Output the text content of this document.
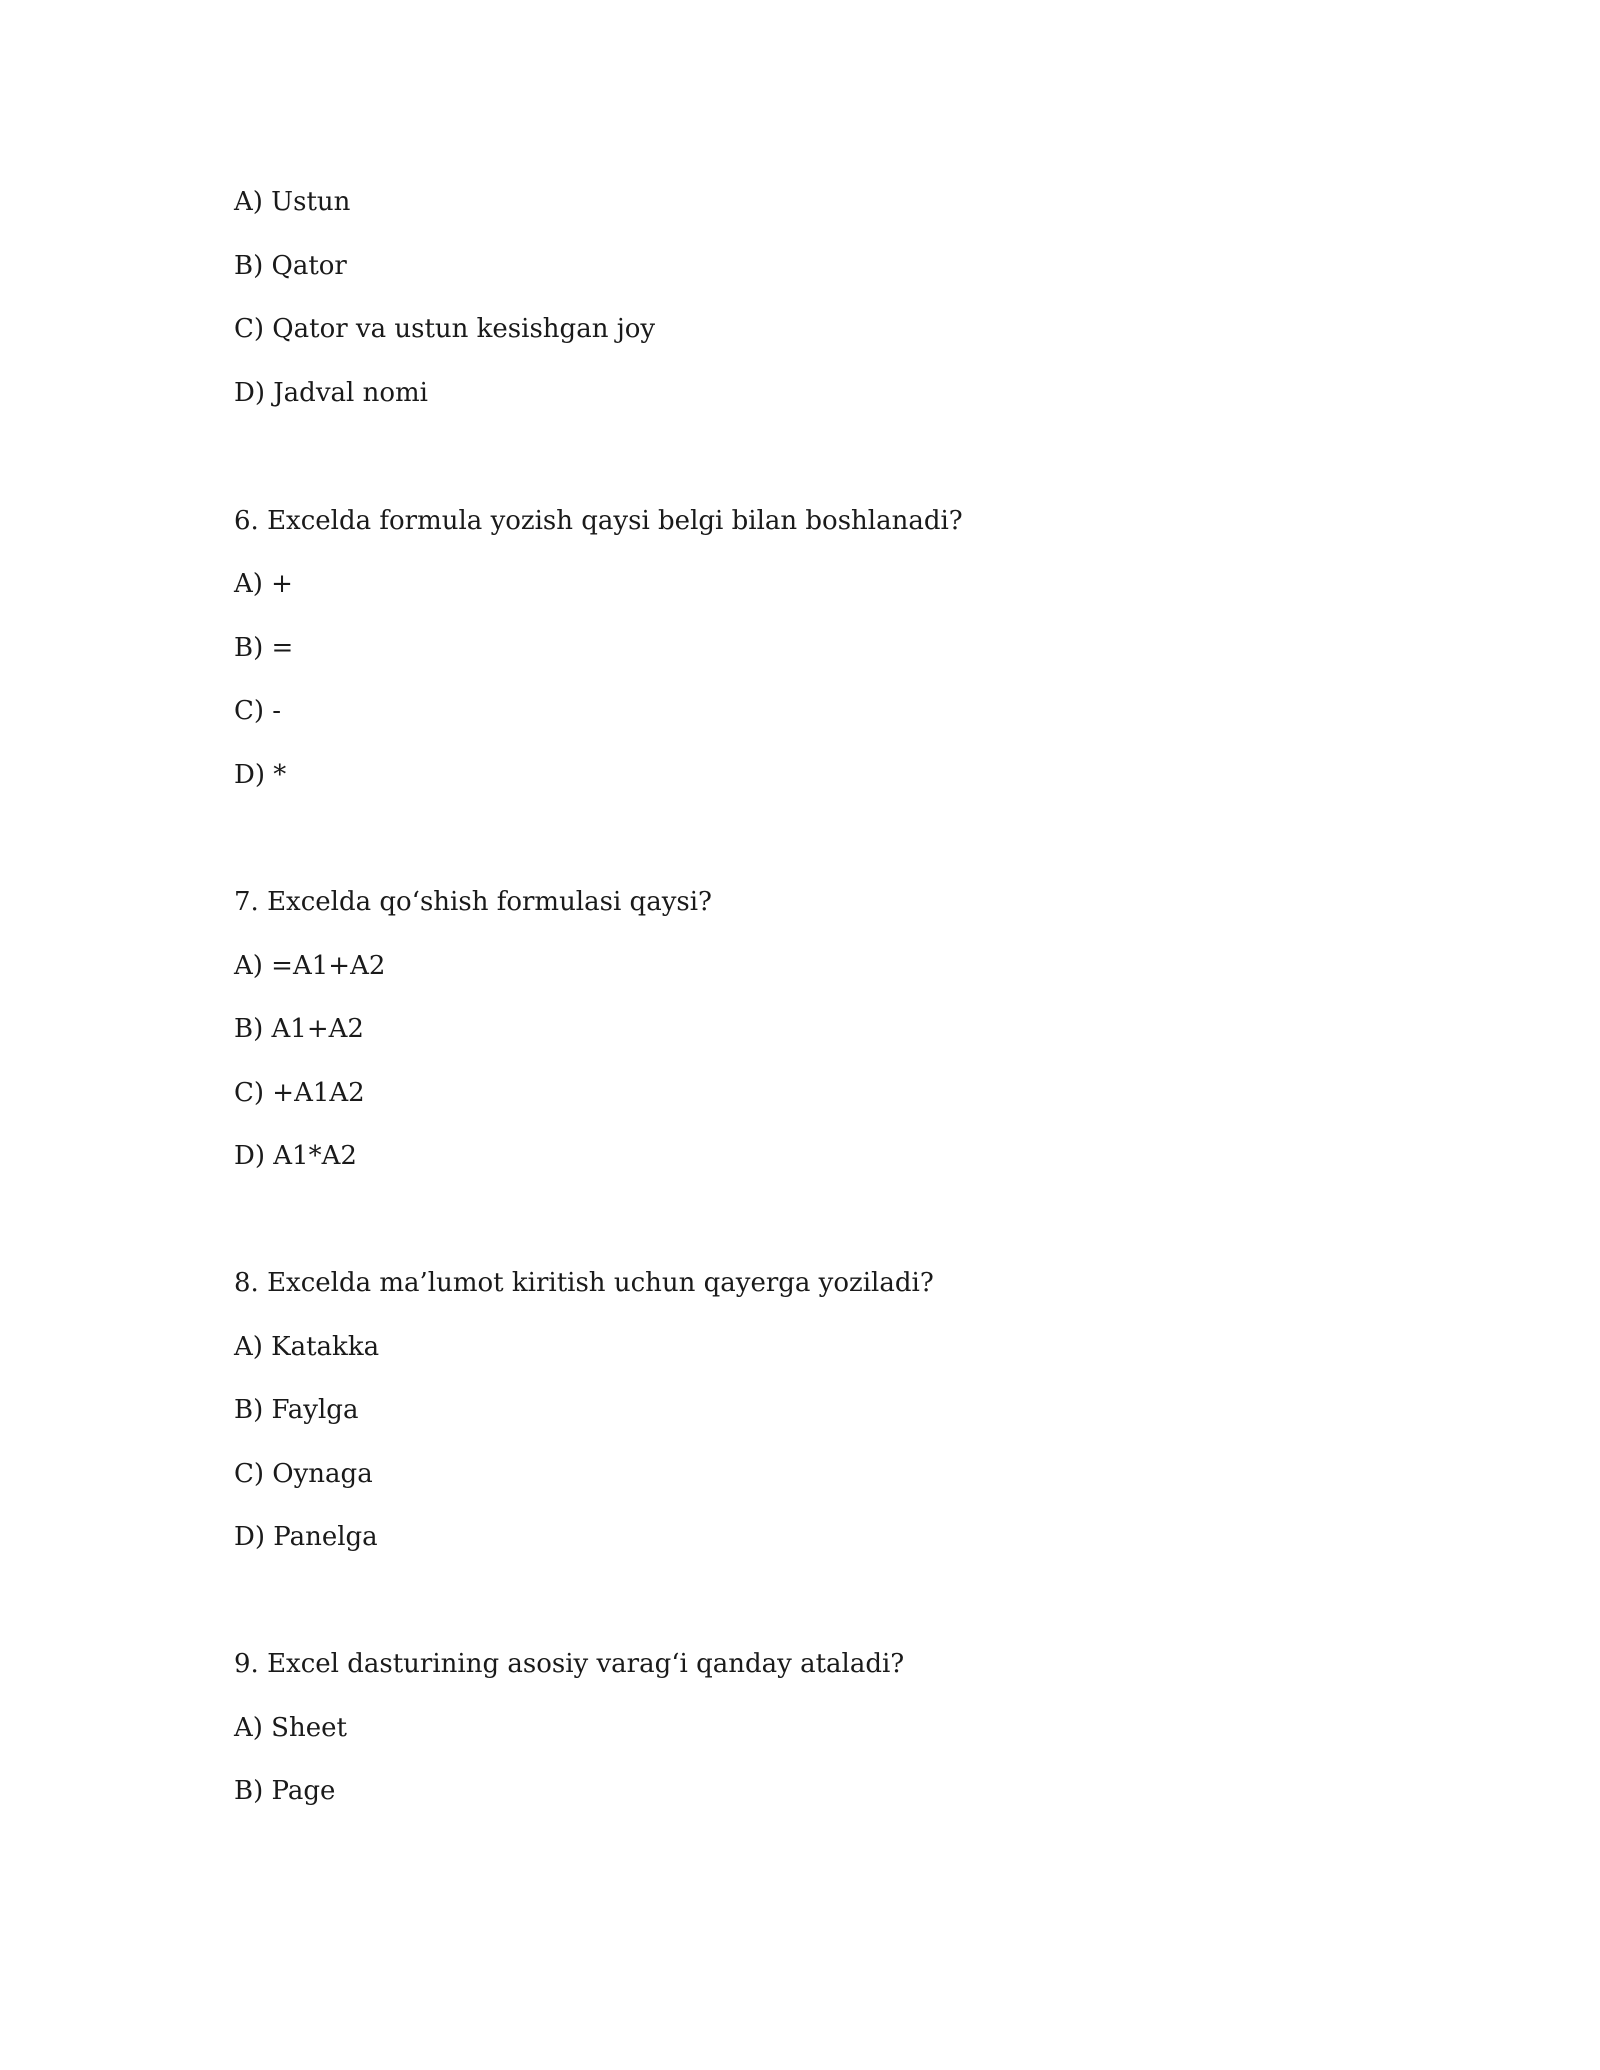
A) Ustun
B) Qator
C) Qator va ustun kesishgan joy
D) Jadval nomi
6. Excelda formula yozish qaysi belgi bilan boshlanadi?
A) +
B) =
C) -
D) *
7. Excelda qo‘shish formulasi qaysi?
A) =A1+A2
B) A1+A2
C) +A1A2
D) A1*A2
8. Excelda ma’lumot kiritish uchun qayerga yoziladi?
A) Katakka
B) Faylga
C) Oynaga
D) Panelga
9. Excel dasturining asosiy varag‘i qanday ataladi?
A) Sheet
B) Page
